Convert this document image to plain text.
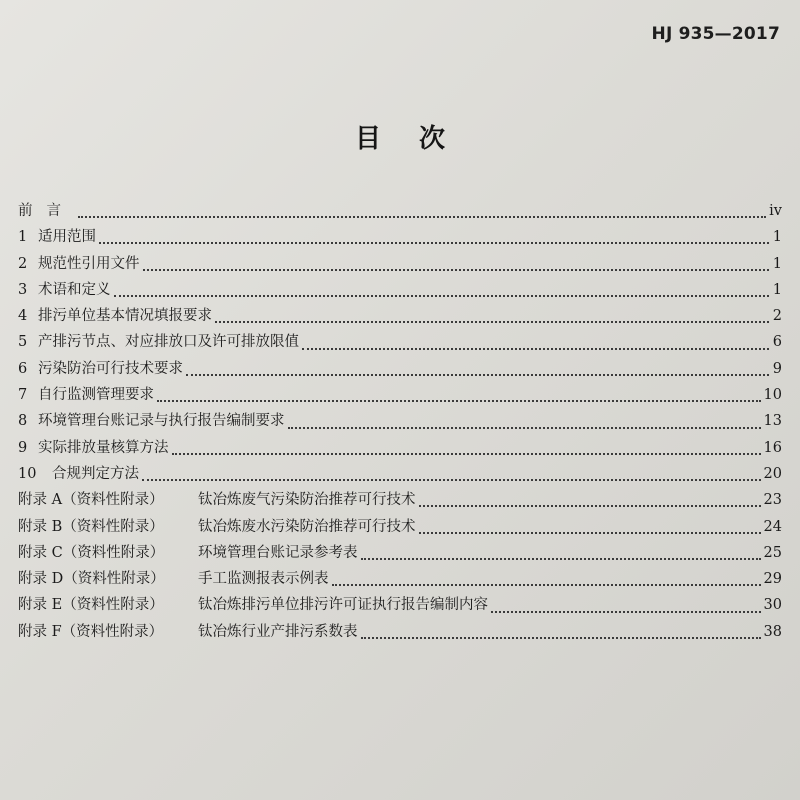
HJ 935—2017
目次
前言	iv
1 适用范围	1
2 规范性引用文件	1
3 术语和定义	1
4 排污单位基本情况填报要求	2
5 产排污节点、对应排放口及许可排放限值	6
6 污染防治可行技术要求	9
7 自行监测管理要求	10
8 环境管理台账记录与执行报告编制要求	13
9 实际排放量核算方法	16
10 合规判定方法	20
附录 A（资料性附录） 钛冶炼废气污染防治推荐可行技术	23
附录 B（资料性附录） 钛冶炼废水污染防治推荐可行技术	24
附录 C（资料性附录） 环境管理台账记录参考表	25
附录 D（资料性附录） 手工监测报表示例表	29
附录 E（资料性附录） 钛冶炼排污单位排污许可证执行报告编制内容	30
附录 F（资料性附录） 钛冶炼行业产排污系数表	38
